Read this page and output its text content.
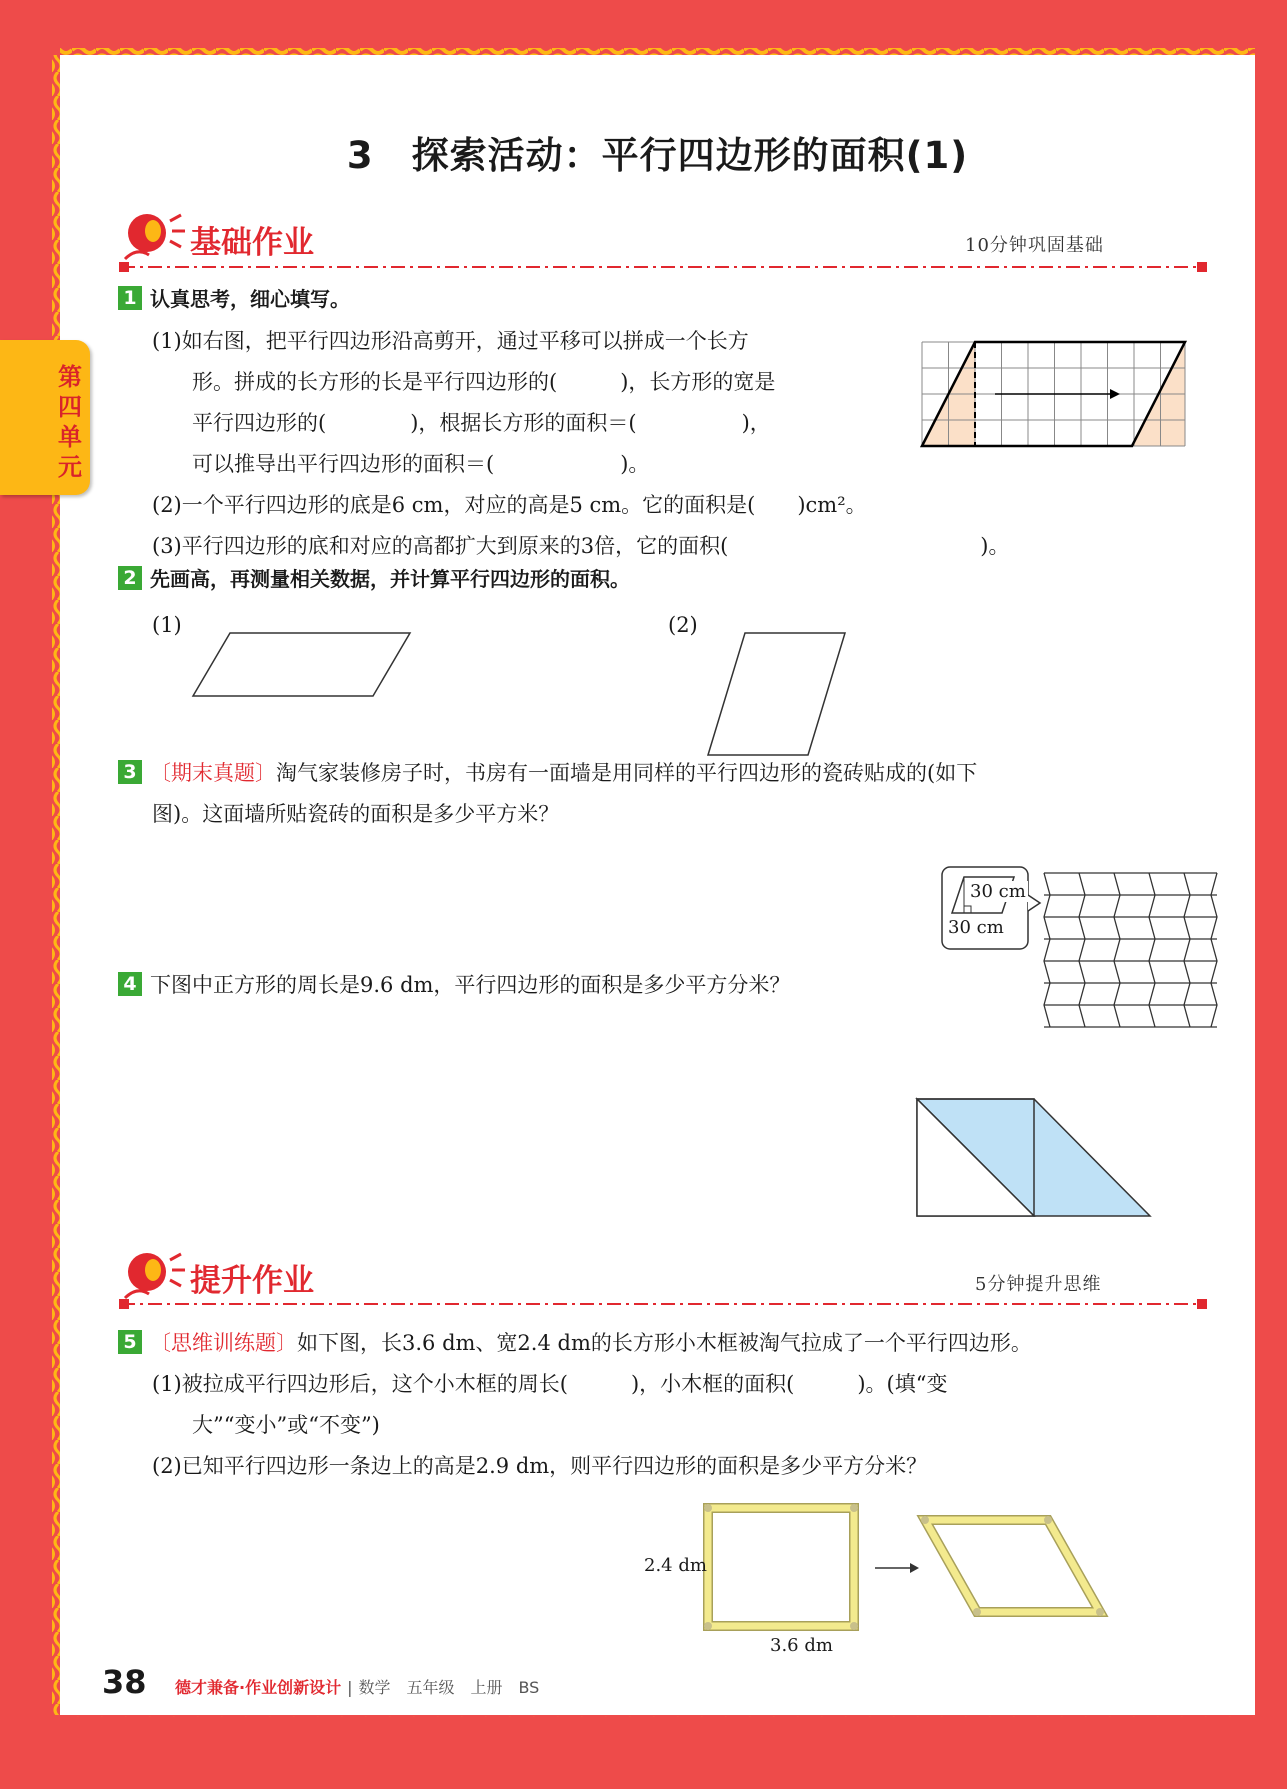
3　探索活动：平行四边形的面积(1)
基础作业	10分钟巩固基础
1 认真思考，细心填写。
(1)如右图，把平行四边形沿高剪开，通过平移可以拼成一个长方
形。拼成的长方形的长是平行四边形的(　　　)，长方形的宽是
平行四边形的(　　　　)，根据长方形的面积＝(　　　　　)，
可以推导出平行四边形的面积＝(　　　　　　)。
(2)一个平行四边形的底是6 cm，对应的高是5 cm。它的面积是(　　)cm²。
(3)平行四边形的底和对应的高都扩大到原来的3倍，它的面积(　　　　　　　　　　　　)。
2 先画高，再测量相关数据，并计算平行四边形的面积。
(1)	(2)
3 〔期末真题〕淘气家装修房子时，书房有一面墙是用同样的平行四边形的瓷砖贴成的(如下
图)。这面墙所贴瓷砖的面积是多少平方米？
30 cm
30 cm
4 下图中正方形的周长是9.6 dm，平行四边形的面积是多少平方分米？
提升作业	5分钟提升思维
5 〔思维训练题〕如下图，长3.6 dm、宽2.4 dm的长方形小木框被淘气拉成了一个平行四边形。
(1)被拉成平行四边形后，这个小木框的周长(　　　)，小木框的面积(　　　)。(填“变
大”“变小”或“不变”)
(2)已知平行四边形一条边上的高是2.9 dm，则平行四边形的面积是多少平方分米？
2.4 dm
3.6 dm
38 德才兼备·作业创新设计 | 数学　五年级　上册　BS
第四单元
